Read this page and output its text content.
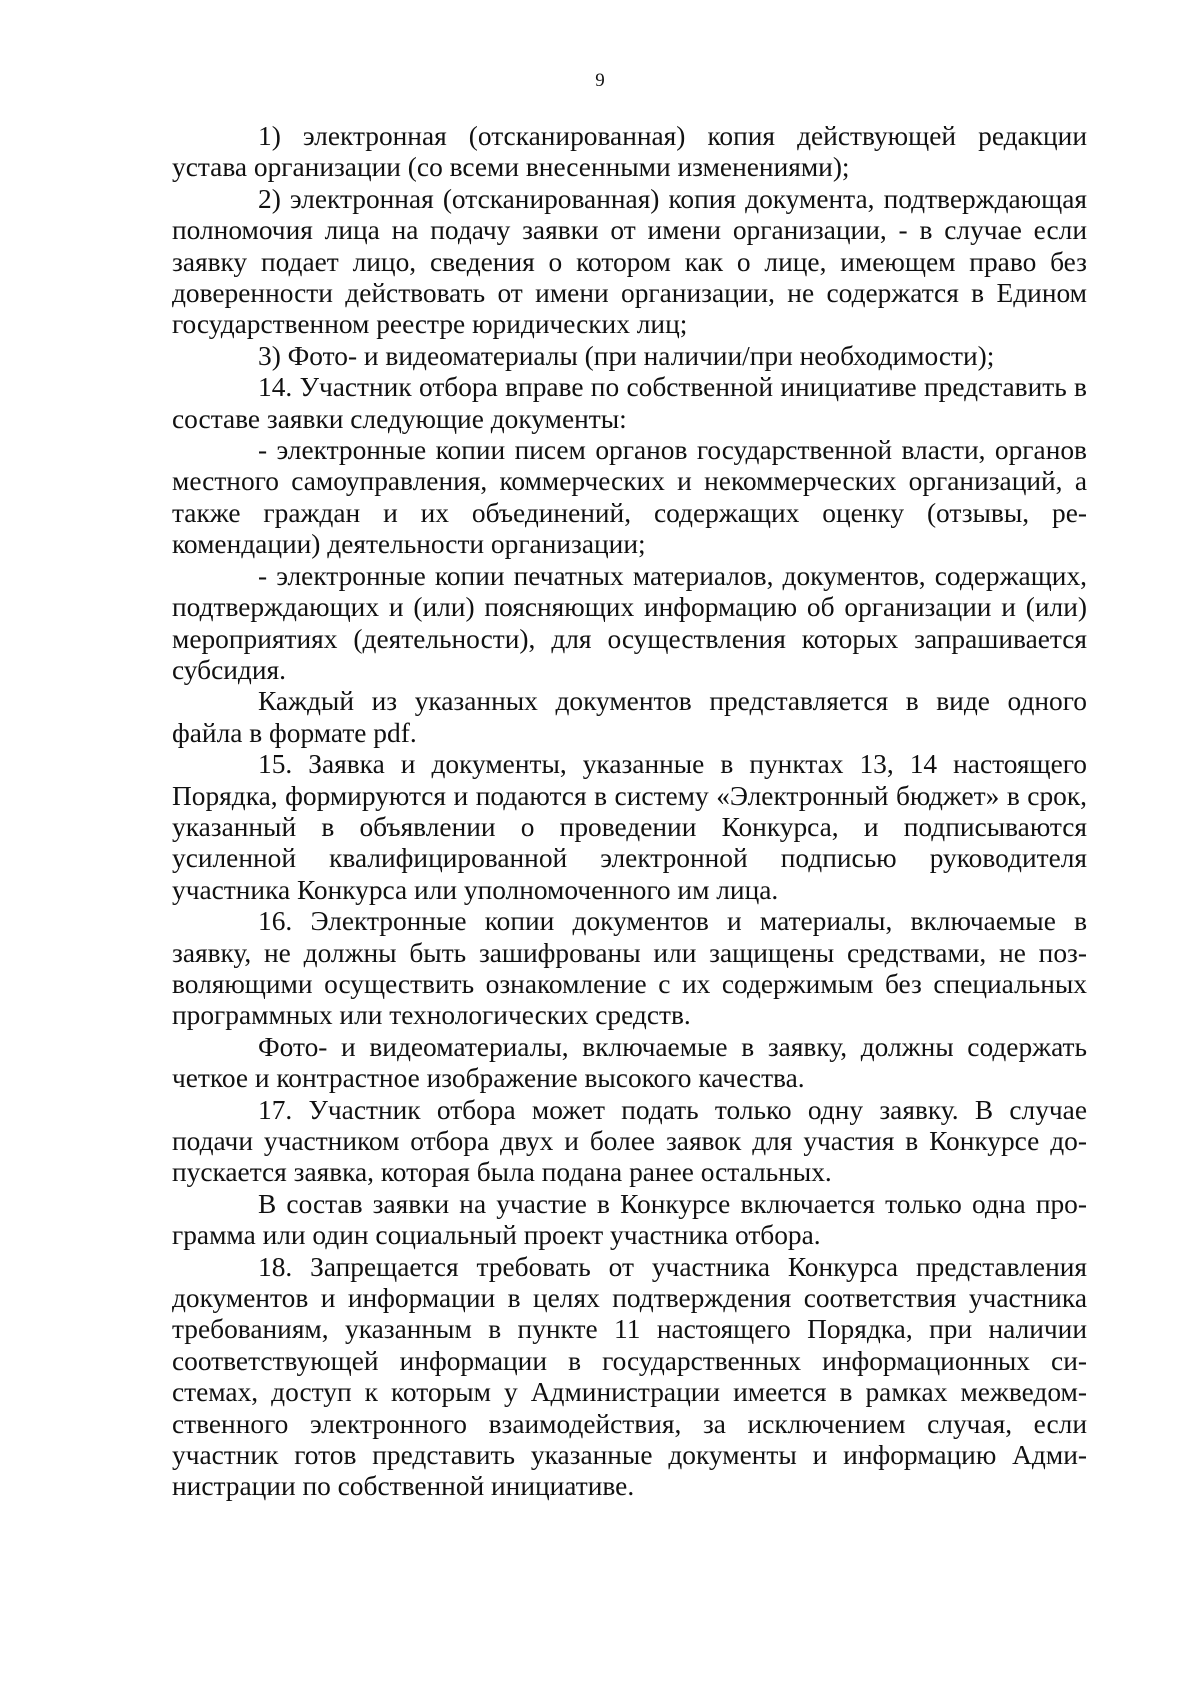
9

1) электронная (отсканированная) копия действующей редакции устава организации (со всеми внесенными изменениями);

2) электронная (отсканированная) копия документа, подтверждающая полномочия лица на подачу заявки от имени организации, - в случае если заявку подает лицо, сведения о котором как о лице, имеющем право без доверенности действовать от имени организации, не содержатся в Едином государственном реестре юридических лиц;

3) Фото- и видеоматериалы (при наличии/при необходимости);

14. Участник отбора вправе по собственной инициативе представить в составе заявки следующие документы:

- электронные копии писем органов государственной власти, органов местного самоуправления, коммерческих и некоммерческих организаций, а также граждан и их объединений, содержащих оценку (отзывы, рекомендации) деятельности организации;

- электронные копии печатных материалов, документов, содержащих, подтверждающих и (или) поясняющих информацию об организации и (или) мероприятиях (деятельности), для осуществления которых запрашивается субсидия.

Каждый из указанных документов представляется в виде одного файла в формате pdf.

15. Заявка и документы, указанные в пунктах 13, 14 настоящего Порядка, формируются и подаются в систему «Электронный бюджет» в срок, указанный в объявлении о проведении Конкурса, и подписываются усиленной квалифицированной электронной подписью руководителя участника Конкурса или уполномоченного им лица.

16. Электронные копии документов и материалы, включаемые в заявку, не должны быть зашифрованы или защищены средствами, не позволяющими осуществить ознакомление с их содержимым без специальных программных или технологических средств.

Фото- и видеоматериалы, включаемые в заявку, должны содержать четкое и контрастное изображение высокого качества.

17. Участник отбора может подать только одну заявку. В случае подачи участником отбора двух и более заявок для участия в Конкурсе допускается заявка, которая была подана ранее остальных.

В состав заявки на участие в Конкурсе включается только одна программа или один социальный проект участника отбора.

18. Запрещается требовать от участника Конкурса представления документов и информации в целях подтверждения соответствия участника требованиям, указанным в пункте 11 настоящего Порядка, при наличии соответствующей информации в государственных информационных системах, доступ к которым у Администрации имеется в рамках межведомственного электронного взаимодействия, за исключением случая, если участник готов представить указанные документы и информацию Администрации по собственной инициативе.
